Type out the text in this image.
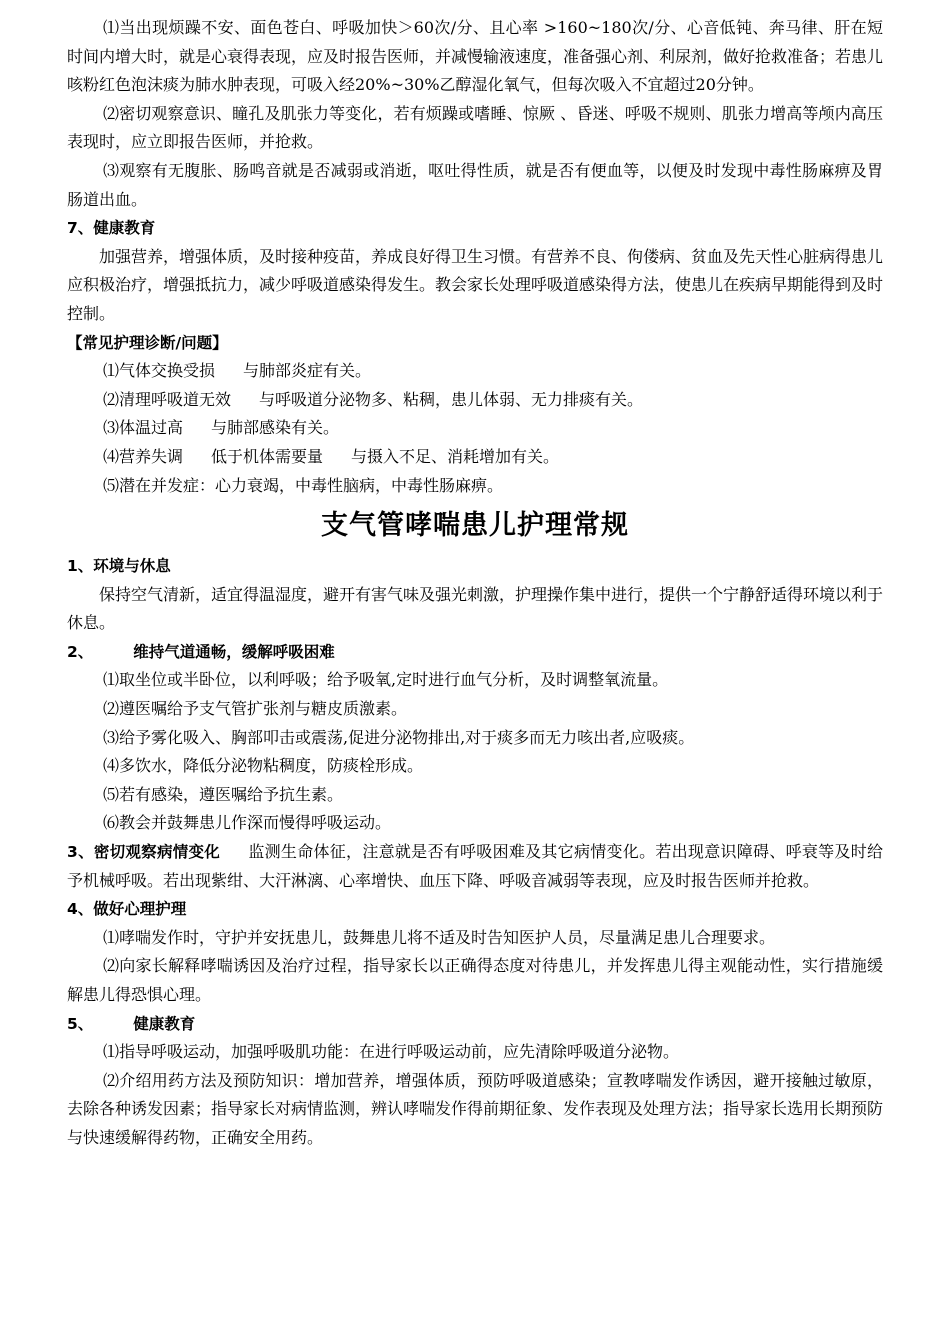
⑴当出现烦躁不安、面色苍白、呼吸加快＞60次/分、且心率 >160~180次/分、心音低钝、奔马律、肝在短时间内增大时，就是心衰得表现，应及时报告医师，并减慢输液速度，准备强心剂、利尿剂，做好抢救准备；若患儿咳粉红色泡沫痰为肺水肿表现，可吸入经20%~30%乙醇湿化氧气，但每次吸入不宜超过20分钟。

⑵密切观察意识、瞳孔及肌张力等变化，若有烦躁或嗜睡、惊厥 、昏迷、呼吸不规则、肌张力增高等颅内高压表现时，应立即报告医师，并抢救。

⑶观察有无腹胀、肠鸣音就是否减弱或消逝，呕吐得性质，就是否有便血等，以便及时发现中毒性肠麻痹及胃肠道出血。

7、健康教育

加强营养，增强体质，及时接种疫苗，养成良好得卫生习惯。有营养不良、佝偻病、贫血及先天性心脏病得患儿应积极治疗，增强抵抗力，减少呼吸道感染得发生。教会家长处理呼吸道感染得方法，使患儿在疾病早期能得到及时控制。

【常见护理诊断/问题】

⑴气体交换受损 与肺部炎症有关。

⑵清理呼吸道无效 与呼吸道分泌物多、粘稠，患儿体弱、无力排痰有关。

⑶体温过高 与肺部感染有关。

⑷营养失调 低于机体需要量 与摄入不足、消耗增加有关。

⑸潜在并发症：心力衰竭，中毒性脑病，中毒性肠麻痹。

支气管哮喘患儿护理常规

1、环境与休息

保持空气清新，适宜得温湿度，避开有害气味及强光刺激，护理操作集中进行，提供一个宁静舒适得环境以利于休息。

2、	维持气道通畅，缓解呼吸困难

⑴取坐位或半卧位，以利呼吸；给予吸氧,定时进行血气分析，及时调整氧流量。

⑵遵医嘱给予支气管扩张剂与糖皮质激素。

⑶给予雾化吸入、胸部叩击或震荡,促进分泌物排出,对于痰多而无力咳出者,应吸痰。

⑷多饮水，降低分泌物粘稠度，防痰栓形成。

⑸若有感染，遵医嘱给予抗生素。

⑹教会并鼓舞患儿作深而慢得呼吸运动。

3、密切观察病情变化 监测生命体征，注意就是否有呼吸困难及其它病情变化。若出现意识障碍、呼衰等及时给予机械呼吸。若出现紫绀、大汗淋漓、心率增快、血压下降、呼吸音减弱等表现，应及时报告医师并抢救。

4、做好心理护理

⑴哮喘发作时，守护并安抚患儿，鼓舞患儿将不适及时告知医护人员，尽量满足患儿合理要求。

⑵向家长解释哮喘诱因及治疗过程，指导家长以正确得态度对待患儿，并发挥患儿得主观能动性，实行措施缓解患儿得恐惧心理。

5、	健康教育

⑴指导呼吸运动，加强呼吸肌功能：在进行呼吸运动前，应先清除呼吸道分泌物。

⑵介绍用药方法及预防知识：增加营养，增强体质，预防呼吸道感染；宣教哮喘发作诱因，避开接触过敏原，去除各种诱发因素；指导家长对病情监测，辨认哮喘发作得前期征象、发作表现及处理方法；指导家长选用长期预防与快速缓解得药物，正确安全用药。
